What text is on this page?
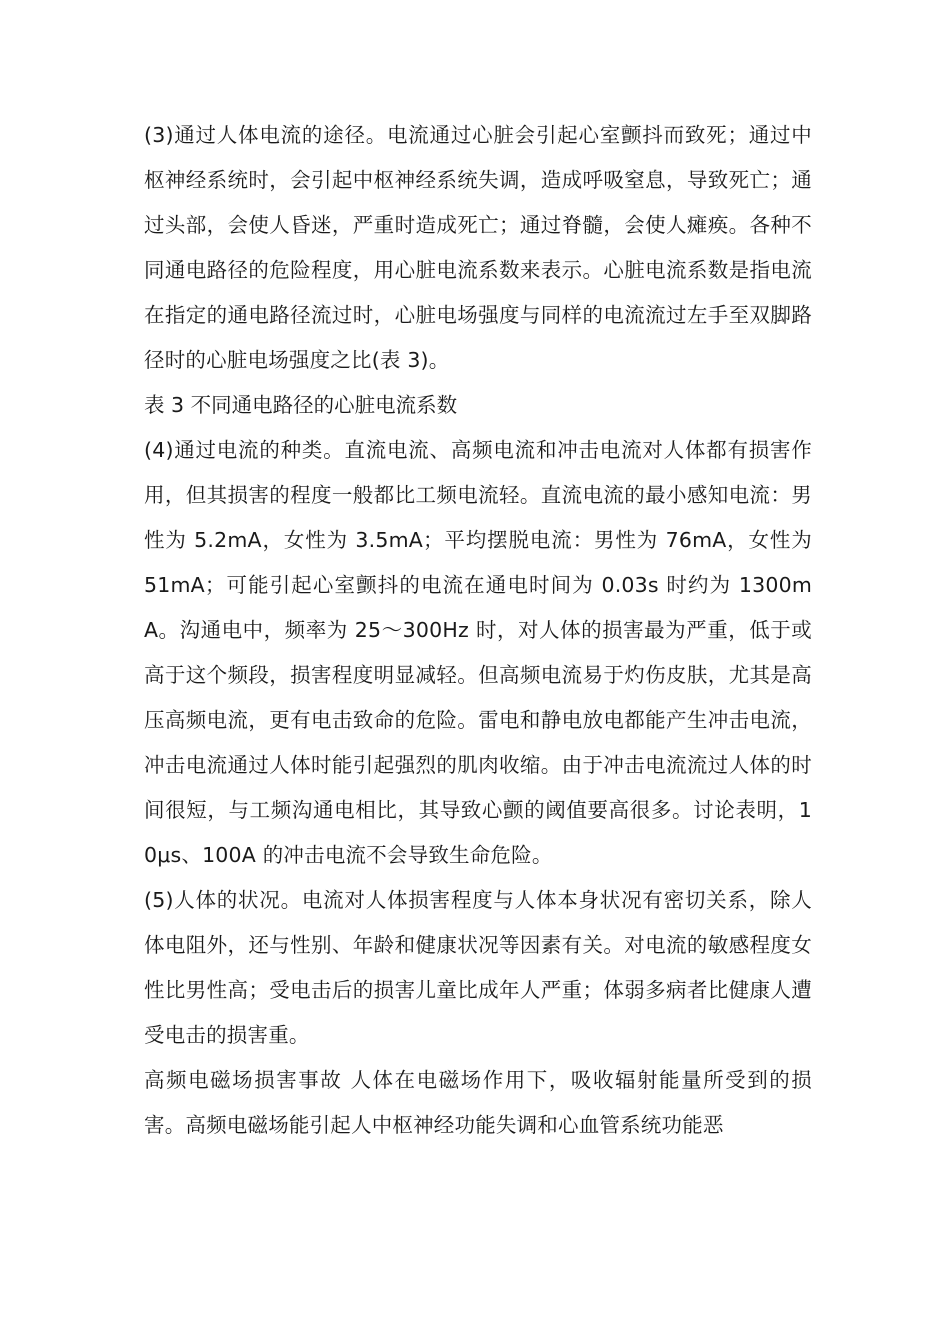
(3)通过人体电流的途径。电流通过心脏会引起心室颤抖而致死；通过中枢神经系统时，会引起中枢神经系统失调，造成呼吸窒息，导致死亡；通过头部，会使人昏迷，严重时造成死亡；通过脊髓，会使人瘫痪。各种不同通电路径的危险程度，用心脏电流系数来表示。心脏电流系数是指电流在指定的通电路径流过时，心脏电场强度与同样的电流流过左手至双脚路径时的心脏电场强度之比(表 3)。

表 3 不同通电路径的心脏电流系数

(4)通过电流的种类。直流电流、高频电流和冲击电流对人体都有损害作用，但其损害的程度一般都比工频电流轻。直流电流的最小感知电流：男性为 5.2mA，女性为 3.5mA；平均摆脱电流：男性为 76mA，女性为 51mA；可能引起心室颤抖的电流在通电时间为 0.03s 时约为 1300mA。沟通电中，频率为 25～300Hz 时，对人体的损害最为严重，低于或高于这个频段，损害程度明显减轻。但高频电流易于灼伤皮肤，尤其是高压高频电流，更有电击致命的危险。雷电和静电放电都能产生冲击电流，冲击电流通过人体时能引起强烈的肌肉收缩。由于冲击电流流过人体的时间很短，与工频沟通电相比，其导致心颤的阈值要高很多。讨论表明，10μs、100A 的冲击电流不会导致生命危险。

(5)人体的状况。电流对人体损害程度与人体本身状况有密切关系，除人体电阻外，还与性别、年龄和健康状况等因素有关。对电流的敏感程度女性比男性高；受电击后的损害儿童比成年人严重；体弱多病者比健康人遭受电击的损害重。

高频电磁场损害事故 人体在电磁场作用下，吸收辐射能量所受到的损害。高频电磁场能引起人中枢神经功能失调和心血管系统功能恶
